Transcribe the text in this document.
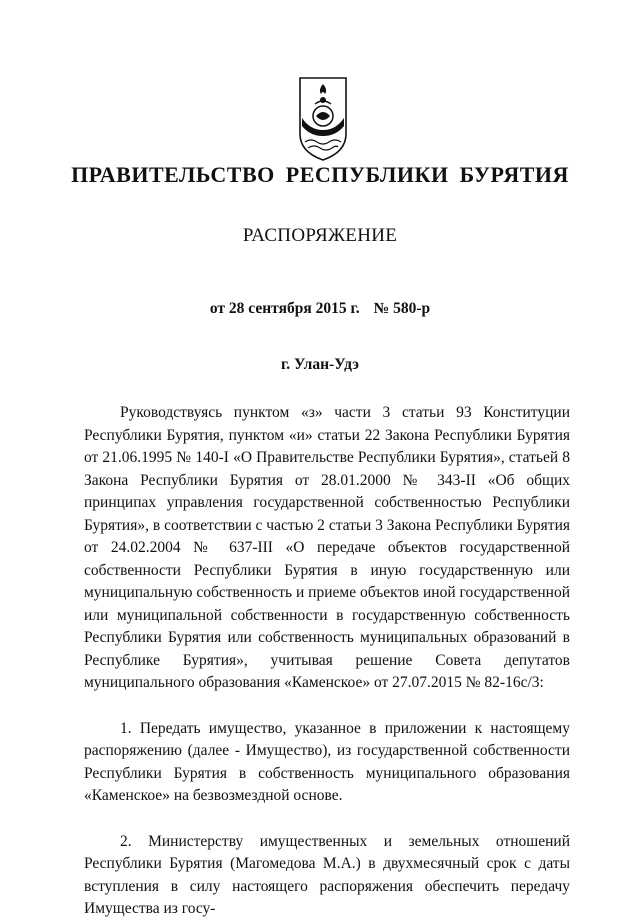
ПРАВИТЕЛЬСТВО РЕСПУБЛИКИ БУРЯТИЯ
РАСПОРЯЖЕНИЕ
от 28 сентября 2015 г. № 580-р
г. Улан-Удэ

Руководствуясь пунктом «з» части 3 статьи 93 Конституции Республики Бурятия, пунктом «и» статьи 22 Закона Республики Бурятия от 21.06.1995 № 140-I «О Правительстве Республики Бурятия», статьей 8 Закона Республики Бурятия от 28.01.2000 № 343-II «Об общих принципах управления государственной собственностью Республики Бурятия», в соответствии с частью 2 статьи 3 Закона Республики Бурятия от 24.02.2004 № 637-III «О передаче объектов государственной собственности Республики Бурятия в иную государственную или муниципальную собственность и приеме объектов иной государственной или муниципальной собственности в государственную собственность Республики Бурятия или собственность муниципальных образований в Республике Бурятия», учитывая решение Совета депутатов муниципального образования «Каменское» от 27.07.2015 № 82-16с/3:

1. Передать имущество, указанное в приложении к настоящему распоряжению (далее - Имущество), из государственной собственности Республики Бурятия в собственность муниципального образования «Каменское» на безвозмездной основе.

2. Министерству имущественных и земельных отношений Республики Бурятия (Магомедова М.А.) в двухмесячный срок с даты вступления в силу настоящего распоряжения обеспечить передачу Имущества из госу-
